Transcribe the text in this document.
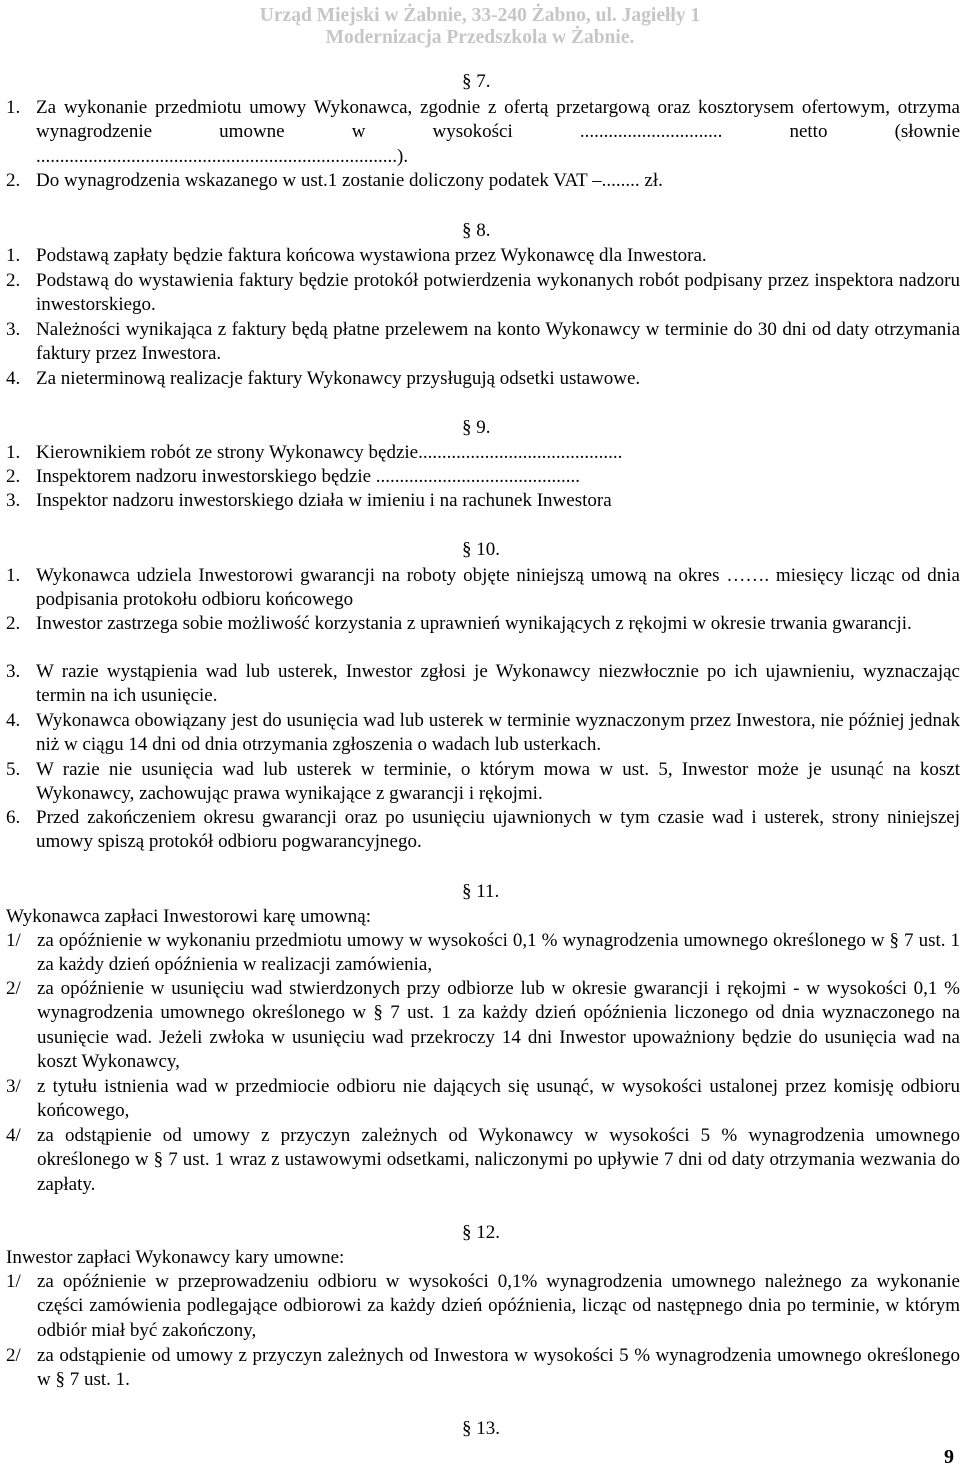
Urząd Miejski w Żabnie, 33-240 Żabno, ul. Jagiełły 1
Modernizacja Przedszkola w Żabnie.
§ 7.
1. Za wykonanie przedmiotu umowy Wykonawca, zgodnie z ofertą przetargową oraz kosztorysem ofertowym, otrzyma wynagrodzenie umowne w wysokości .............................. netto (słownie ............................................................................).
2. Do wynagrodzenia wskazanego w ust.1 zostanie doliczony podatek VAT –........ zł.
§ 8.
1. Podstawą zapłaty będzie faktura końcowa wystawiona przez Wykonawcę dla Inwestora.
2. Podstawą do wystawienia faktury będzie protokół potwierdzenia wykonanych robót podpisany przez inspektora nadzoru inwestorskiego.
3. Należności wynikająca z faktury będą płatne przelewem na konto Wykonawcy w terminie do 30 dni od daty otrzymania faktury przez Inwestora.
4. Za nieterminową realizacje faktury Wykonawcy przysługują odsetki ustawowe.
§ 9.
1. Kierownikiem robót ze strony Wykonawcy będzie...........................................
2. Inspektorem nadzoru inwestorskiego będzie ...........................................
3. Inspektor nadzoru inwestorskiego działa w imieniu i na rachunek Inwestora
§ 10.
1. Wykonawca udziela Inwestorowi gwarancji na roboty objęte niniejszą umową na okres ……. miesięcy licząc od dnia podpisania protokołu odbioru końcowego
2. Inwestor zastrzega sobie możliwość korzystania z uprawnień wynikających z rękojmi w okresie trwania gwarancji.
3. W razie wystąpienia wad lub usterek, Inwestor zgłosi je Wykonawcy niezwłocznie po ich ujawnieniu, wyznaczając termin na ich usunięcie.
4. Wykonawca obowiązany jest do usunięcia wad lub usterek w terminie wyznaczonym przez Inwestora, nie później jednak niż w ciągu 14 dni od dnia otrzymania zgłoszenia o wadach lub usterkach.
5. W razie nie usunięcia wad lub usterek w terminie, o którym mowa w ust. 5, Inwestor może je usunąć na koszt Wykonawcy, zachowując prawa wynikające z gwarancji i rękojmi.
6. Przed zakończeniem okresu gwarancji oraz po usunięciu ujawnionych w tym czasie wad i usterek, strony niniejszej umowy spiszą protokół odbioru pogwarancyjnego.
§ 11.
Wykonawca zapłaci Inwestorowi karę umowną:
1/ za opóźnienie w wykonaniu przedmiotu umowy w wysokości 0,1 % wynagrodzenia umownego określonego w § 7 ust. 1 za każdy dzień opóźnienia w realizacji zamówienia,
2/ za opóźnienie w usunięciu wad stwierdzonych przy odbiorze lub w okresie gwarancji i rękojmi - w wysokości 0,1 % wynagrodzenia umownego określonego w § 7 ust. 1 za każdy dzień opóźnienia liczonego od dnia wyznaczonego na usunięcie wad. Jeżeli zwłoka w usunięciu wad przekroczy 14 dni Inwestor upoważniony będzie do usunięcia wad na koszt Wykonawcy,
3/ z tytułu istnienia wad w przedmiocie odbioru nie dających się usunąć, w wysokości ustalonej przez komisję odbioru końcowego,
4/ za odstąpienie od umowy z przyczyn zależnych od Wykonawcy w wysokości 5 % wynagrodzenia umownego określonego w § 7 ust. 1 wraz z ustawowymi odsetkami, naliczonymi po upływie 7 dni od daty otrzymania wezwania do zapłaty.
§ 12.
Inwestor zapłaci Wykonawcy kary umowne:
1/ za opóźnienie w przeprowadzeniu odbioru w wysokości 0,1% wynagrodzenia umownego należnego za wykonanie części zamówienia podlegające odbiorowi za każdy dzień opóźnienia, licząc od następnego dnia po terminie, w którym odbiór miał być zakończony,
2/ za odstąpienie od umowy z przyczyn zależnych od Inwestora w wysokości 5 % wynagrodzenia umownego określonego w § 7 ust. 1.
§ 13.
9
